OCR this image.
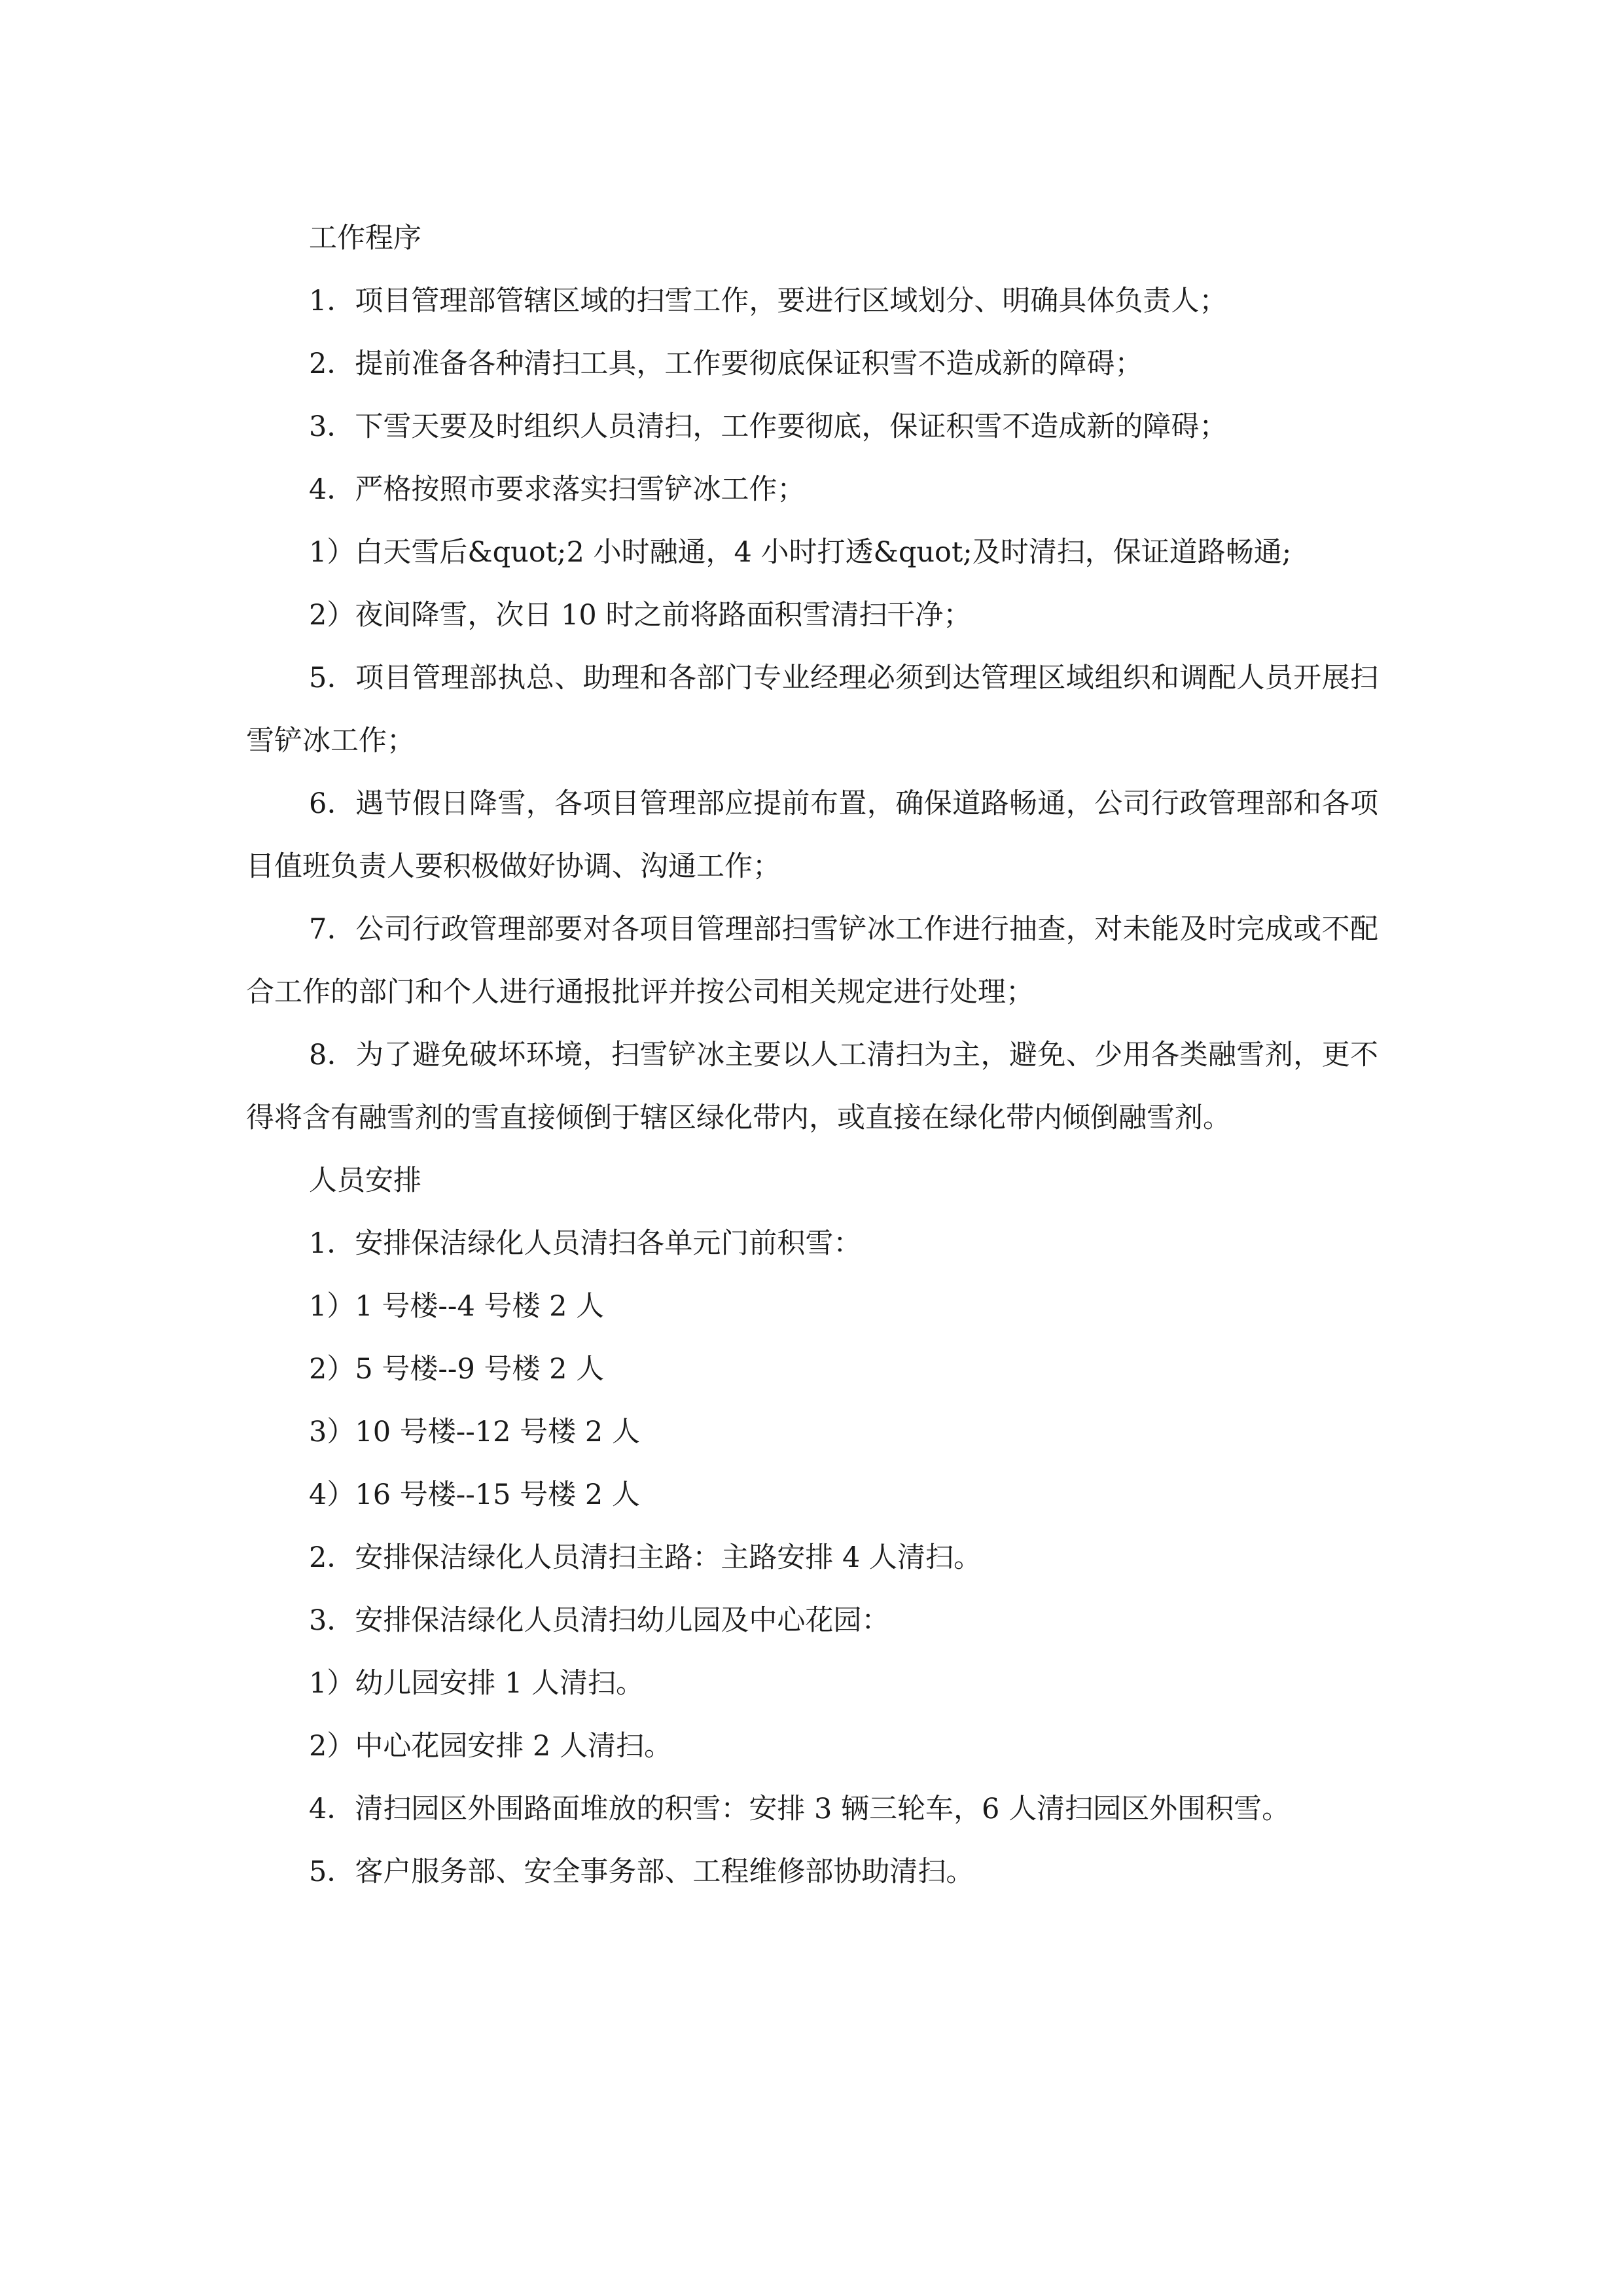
工作程序

1．项目管理部管辖区域的扫雪工作，要进行区域划分、明确具体负责人；

2．提前准备各种清扫工具，工作要彻底保证积雪不造成新的障碍；

3．下雪天要及时组织人员清扫，工作要彻底，保证积雪不造成新的障碍；

4．严格按照市要求落实扫雪铲冰工作；

1）白天雪后&quot;2 小时融通，4 小时打透&quot;及时清扫，保证道路畅通;

2）夜间降雪，次日 10 时之前将路面积雪清扫干净；

5．项目管理部执总、助理和各部门专业经理必须到达管理区域组织和调配人员开展扫雪铲冰工作；

6．遇节假日降雪，各项目管理部应提前布置，确保道路畅通，公司行政管理部和各项目值班负责人要积极做好协调、沟通工作；

7．公司行政管理部要对各项目管理部扫雪铲冰工作进行抽查，对未能及时完成或不配合工作的部门和个人进行通报批评并按公司相关规定进行处理；

8．为了避免破坏环境，扫雪铲冰主要以人工清扫为主，避免、少用各类融雪剂，更不得将含有融雪剂的雪直接倾倒于辖区绿化带内，或直接在绿化带内倾倒融雪剂。

人员安排

1．安排保洁绿化人员清扫各单元门前积雪：

1）1 号楼--4 号楼 2 人

2）5 号楼--9 号楼 2 人

3）10 号楼--12 号楼 2 人

4）16 号楼--15 号楼 2 人

2．安排保洁绿化人员清扫主路：主路安排 4 人清扫。

3．安排保洁绿化人员清扫幼儿园及中心花园：

1）幼儿园安排 1 人清扫。

2）中心花园安排 2 人清扫。

4．清扫园区外围路面堆放的积雪：安排 3 辆三轮车，6 人清扫园区外围积雪。

5．客户服务部、安全事务部、工程维修部协助清扫。
